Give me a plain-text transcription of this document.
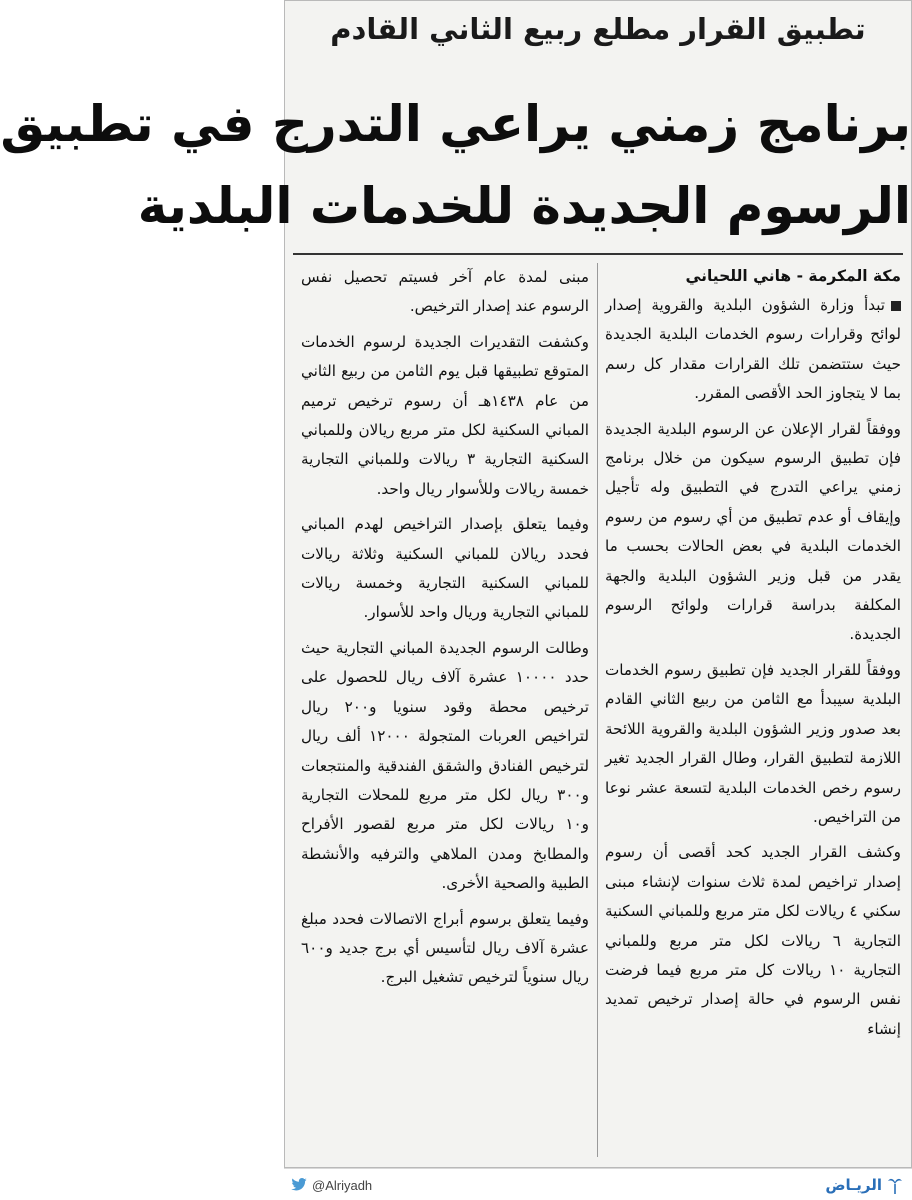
تطبيق القرار مطلع ربيع الثاني القادم
برنامج زمني يراعي التدرج في تطبيق
الرسوم الجديدة للخدمات البلدية
مكة المكرمة - هاني اللحياني

تبدأ وزارة الشؤون البلدية والقروية إصدار لوائح وقرارات رسوم الخدمات البلدية الجديدة حيث ستتضمن تلك القرارات مقدار كل رسم بما لا يتجاوز الحد الأقصى المقرر.

ووفقاً لقرار الإعلان عن الرسوم البلدية الجديدة فإن تطبيق الرسوم سيكون من خلال برنامج زمني يراعي التدرج في التطبيق وله تأجيل وإيقاف أو عدم تطبيق من أي رسوم من رسوم الخدمات البلدية في بعض الحالات بحسب ما يقدر من قبل وزير الشؤون البلدية والجهة المكلفة بدراسة قرارات ولوائح الرسوم الجديدة.

ووفقاً للقرار الجديد فإن تطبيق رسوم الخدمات البلدية سيبدأ مع الثامن من ربيع الثاني القادم بعد صدور وزير الشؤون البلدية والقروية اللائحة اللازمة لتطبيق القرار، وطال القرار الجديد تغير رسوم رخص الخدمات البلدية لتسعة عشر نوعا من التراخيص.

وكشف القرار الجديد كحد أقصى أن رسوم إصدار تراخيص لمدة ثلاث سنوات لإنشاء مبنى سكني ٤ ريالات لكل متر مربع وللمباني السكنية التجارية ٦ ريالات لكل متر مربع وللمباني التجارية ١٠ ريالات كل متر مربع فيما فرضت نفس الرسوم في حالة إصدار ترخيص تمديد إنشاء

مبنى لمدة عام آخر فسيتم تحصيل نفس الرسوم عند إصدار الترخيص.

وكشفت التقديرات الجديدة لرسوم الخدمات المتوقع تطبيقها قبل يوم الثامن من ربيع الثاني من عام ١٤٣٨هـ أن رسوم ترخيص ترميم المباني السكنية لكل متر مربع ريالان وللمباني السكنية التجارية ٣ ريالات وللمباني التجارية خمسة ريالات وللأسوار ريال واحد.

وفيما يتعلق بإصدار التراخيص لهدم المباني فحدد ريالان للمباني السكنية وثلاثة ريالات للمباني السكنية التجارية وخمسة ريالات للمباني التجارية وريال واحد للأسوار.

وطالت الرسوم الجديدة المباني التجارية حيث حدد ١٠٠٠٠ عشرة آلاف ريال للحصول على ترخيص محطة وقود سنويا و٢٠٠ ريال لتراخيص العربات المتجولة ١٢٠٠٠ ألف ريال لترخيص الفنادق والشقق الفندقية والمنتجعات و٣٠٠ ريال لكل متر مربع للمحلات التجارية و١٠ ريالات لكل متر مربع لقصور الأفراح والمطابخ ومدن الملاهي والترفيه والأنشطة الطبية والصحية الأخرى.

وفيما يتعلق برسوم أبراج الاتصالات فحدد مبلغ عشرة آلاف ريال لتأسيس أي برج جديد و٦٠٠ ريال سنوياً لترخيص تشغيل البرج.

@Alriyadh	الريـاض
